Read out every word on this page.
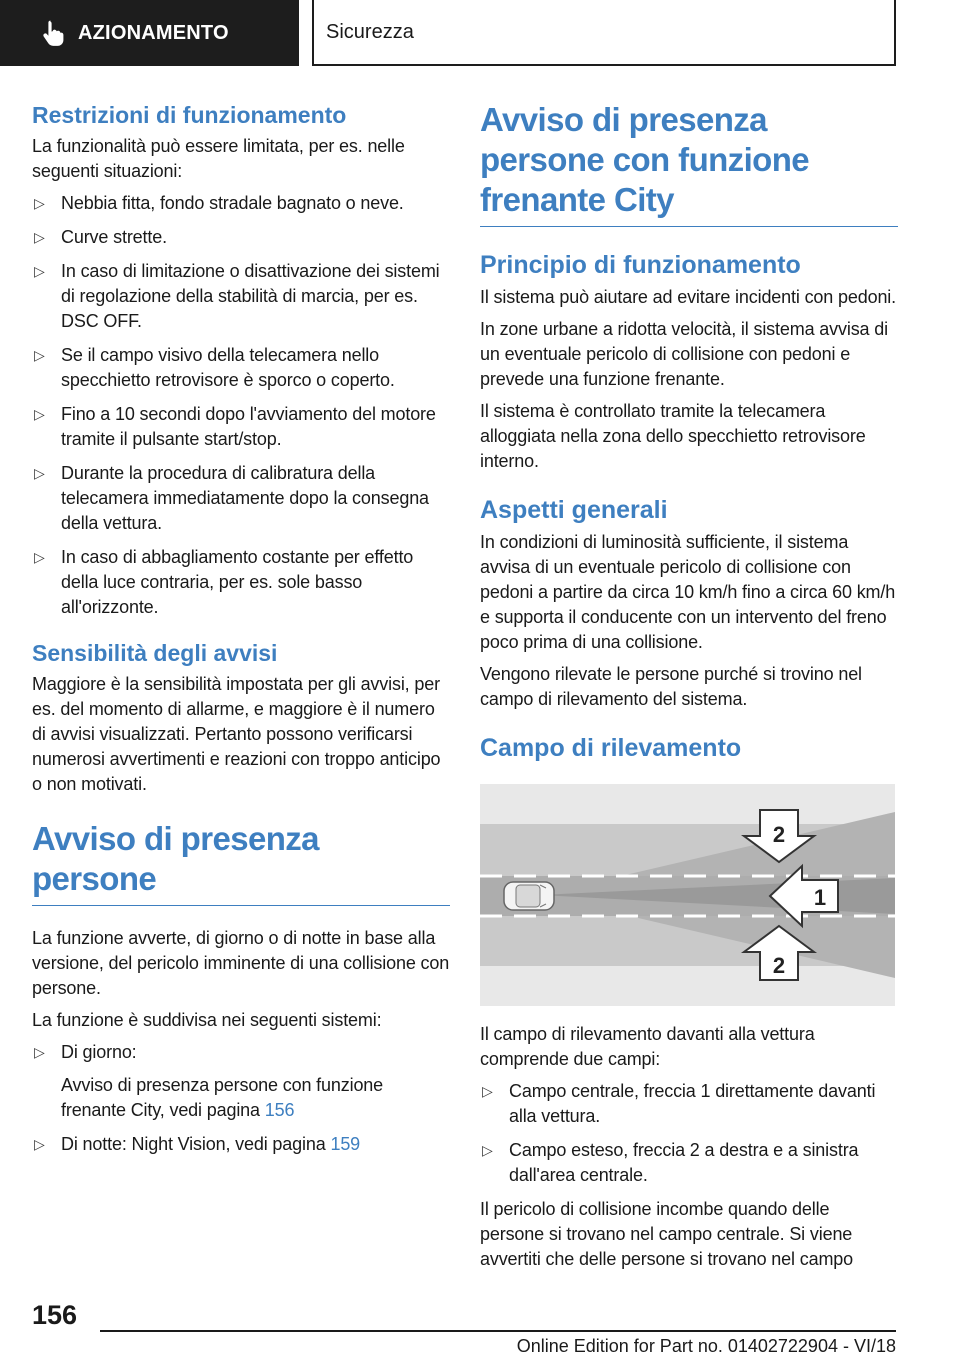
AZIONAMENTO	Sicurezza
Restrizioni di funzionamento

La funzionalità può essere limitata, per es. nelle seguenti situazioni:

▷ Nebbia fitta, fondo stradale bagnato o neve.
▷ Curve strette.
▷ In caso di limitazione o disattivazione dei sistemi di regolazione della stabilità di marcia, per es. DSC OFF.
▷ Se il campo visivo della telecamera nello specchietto retrovisore è sporco o coperto.
▷ Fino a 10 secondi dopo l'avviamento del motore tramite il pulsante start/stop.
▷ Durante la procedura di calibratura della telecamera immediatamente dopo la consegna della vettura.
▷ In caso di abbagliamento costante per effetto della luce contraria, per es. sole basso all'orizzonte.
Sensibilità degli avvisi

Maggiore è la sensibilità impostata per gli avvisi, per es. del momento di allarme, e maggiore è il numero di avvisi visualizzati. Pertanto possono verificarsi numerosi avvertimenti e reazioni con troppo anticipo o non motivati.

Avviso di presenza persone

La funzione avverte, di giorno o di notte in base alla versione, del pericolo imminente di una collisione con persone.

La funzione è suddivisa nei seguenti sistemi:

▷ Di giorno:
Avviso di presenza persone con funzione frenante City, vedi pagina 156
▷ Di notte: Night Vision, vedi pagina 159
Avviso di presenza persone con funzione frenante City
Principio di funzionamento

Il sistema può aiutare ad evitare incidenti con pedoni.

In zone urbane a ridotta velocità, il sistema avvisa di un eventuale pericolo di collisione con pedoni e prevede una funzione frenante.

Il sistema è controllato tramite la telecamera alloggiata nella zona dello specchietto retrovisore interno.

Aspetti generali

In condizioni di luminosità sufficiente, il sistema avvisa di un eventuale pericolo di collisione con pedoni a partire da circa 10 km/h fino a circa 60 km/h e supporta il conducente con un intervento del freno poco prima di una collisione.

Vengono rilevate le persone purché si trovino nel campo di rilevamento del sistema.

Campo di rilevamento
2
1
2

Il campo di rilevamento davanti alla vettura comprende due campi:

▷ Campo centrale, freccia 1 direttamente davanti alla vettura.
▷ Campo esteso, freccia 2 a destra e a sinistra dall'area centrale.

Il pericolo di collisione incombe quando delle persone si trovano nel campo centrale. Si viene avvertiti che delle persone si trovano nel campo

156
Online Edition for Part no. 01402722904 - VI/18
